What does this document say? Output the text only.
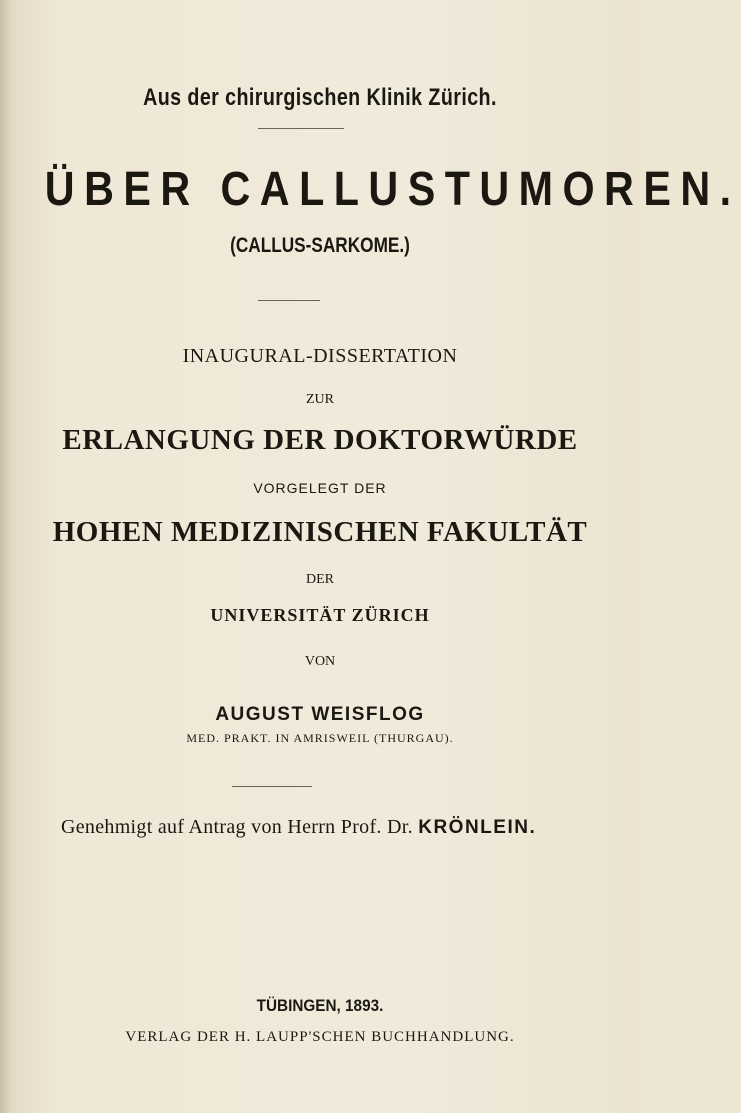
Aus der chirurgischen Klinik Zürich.
ÜBER CALLUSTUMOREN.
(CALLUS-SARKOME.)
INAUGURAL-DISSERTATION
ZUR
ERLANGUNG DER DOKTORWÜRDE
VORGELEGT DER
HOHEN MEDIZINISCHEN FAKULTÄT
DER
UNIVERSITÄT ZÜRICH
VON
AUGUST WEISFLOG
MED. PRAKT. IN AMRISWEIL (THURGAU).
Genehmigt auf Antrag von Herrn Prof. Dr. KRÖNLEIN.
TÜBINGEN, 1893.
VERLAG DER H. LAUPP'SCHEN BUCHHANDLUNG.
